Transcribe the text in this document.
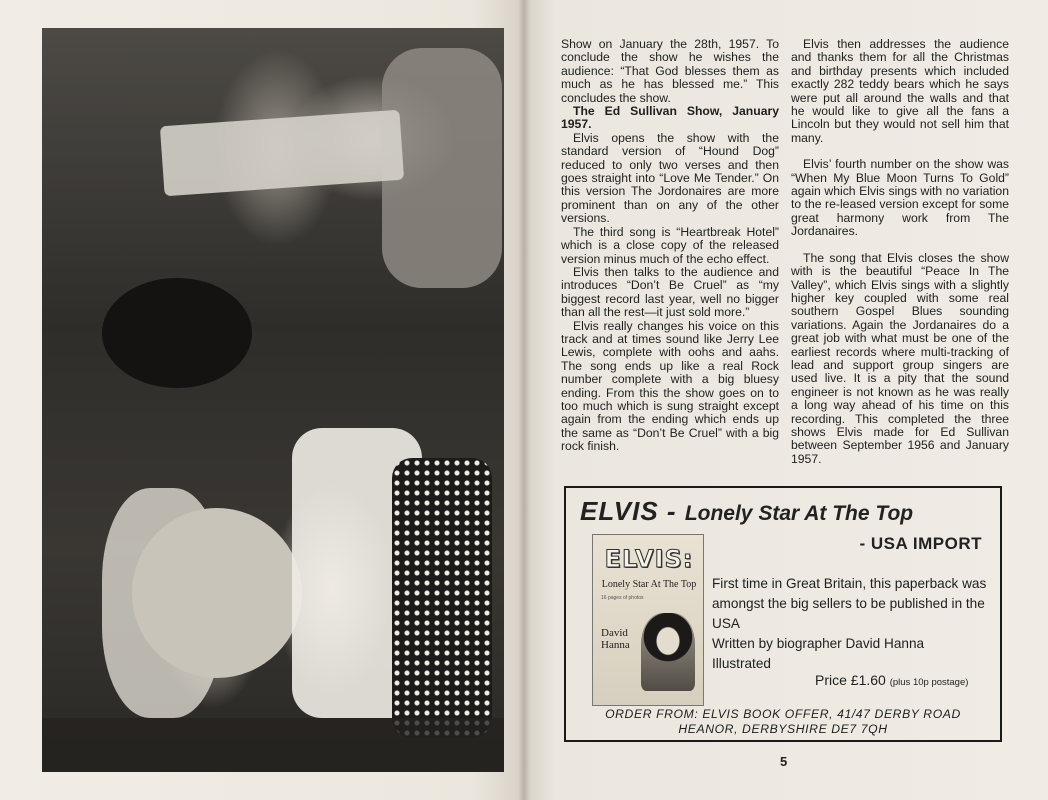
Show on January the 28th, 1957. To conclude the show he wishes the audience: “That God blesses them as much as he has blessed me.” This concludes the show.

The Ed Sullivan Show, January 1957.

Elvis opens the show with the standard version of “Hound Dog” reduced to only two verses and then goes straight into “Love Me Tender.” On this version The Jordonaires are more prominent than on any of the other versions.

The third song is “Heartbreak Hotel” which is a close copy of the released version minus much of the echo effect.

Elvis then talks to the audience and introduces “Don’t Be Cruel” as “my biggest record last year, well no bigger than all the rest—it just sold more.”

Elvis really changes his voice on this track and at times sound like Jerry Lee Lewis, complete with oohs and aahs. The song ends up like a real Rock number complete with a big bluesy ending. From this the show goes on to too much which is sung straight except again from the ending which ends up the same as “Don’t Be Cruel” with a big rock finish.

Elvis then addresses the audience and thanks them for all the Christmas and birthday presents which included exactly 282 teddy bears which he says were put all around the walls and that he would like to give all the fans a Lincoln but they would not sell him that many.

Elvis’ fourth number on the show was “When My Blue Moon Turns To Gold” again which Elvis sings with no variation to the re-leased version except for some great harmony work from The Jordanaires.

The song that Elvis closes the show with is the beautiful “Peace In The Valley”, which Elvis sings with a slightly higher key coupled with some real southern Gospel Blues sounding variations. Again the Jordanaires do a great job with what must be one of the earliest records where multi-tracking of lead and support group singers are used live. It is a pity that the sound engineer is not known as he was really a long way ahead of his time on this recording. This completed the three shows Elvis made for Ed Sullivan between September 1956 and January 1957.

ELVIS - Lonely Star At The Top
- USA IMPORT
ELVIS:
Lonely Star At The Top
16 pages of photos
David
Hanna
First time in Great Britain, this paperback was amongst the big sellers to be published in the USA
Written by biographer David Hanna
Illustrated
Price £1.60 (plus 10p postage)
ORDER FROM: ELVIS BOOK OFFER, 41/47 DERBY ROAD
HEANOR, DERBYSHIRE DE7 7QH
5
